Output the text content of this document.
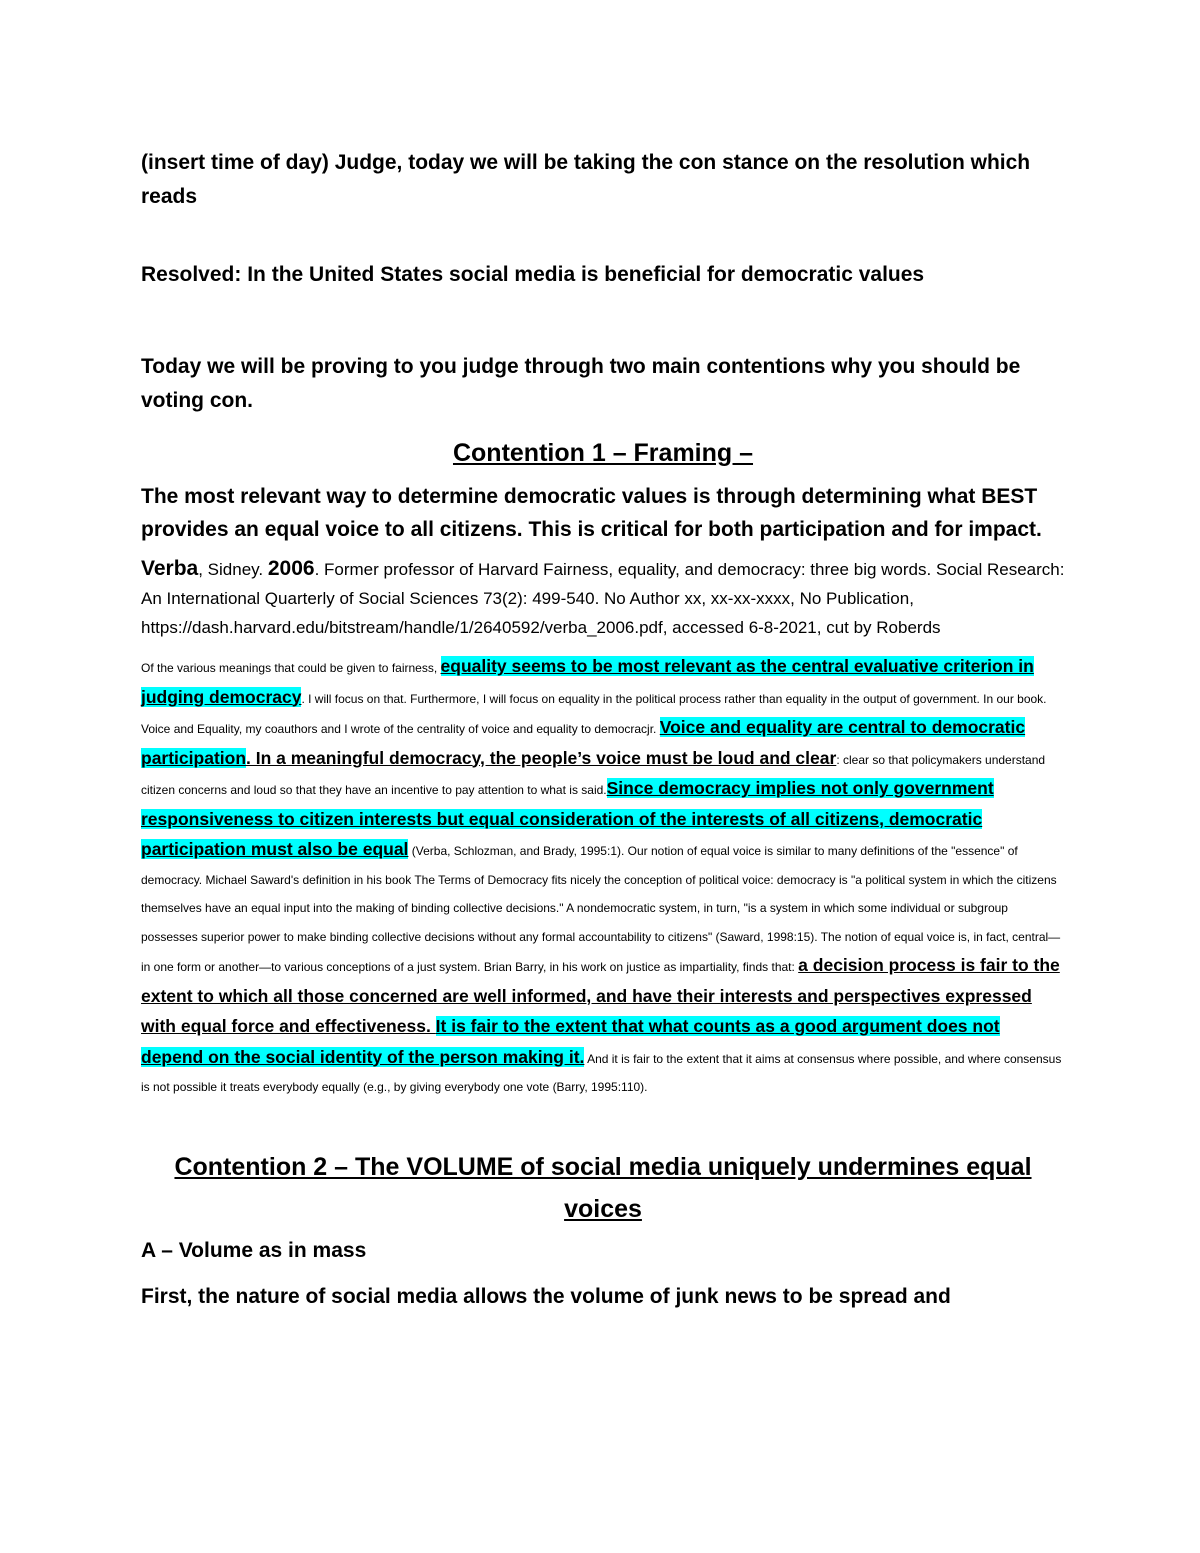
(insert time of day) Judge, today we will be taking the con stance on the resolution which reads

Resolved: In the United States social media is beneficial for democratic values

Today we will be proving to you judge through two main contentions why you should be voting con.

Contention 1 – Framing –

The most relevant way to determine democratic values is through determining what BEST provides an equal voice to all citizens. This is critical for both participation and for impact.

Verba, Sidney. 2006. Former professor of Harvard Fairness, equality, and democracy: three big words. Social Research: An International Quarterly of Social Sciences 73(2): 499-540. No Author xx, xx-xx-xxxx, No Publication, https://dash.harvard.edu/bitstream/handle/1/2640592/verba_2006.pdf, accessed 6-8-2021, cut by Roberds

Of the various meanings that could be given to fairness, equality seems to be most relevant as the central evaluative criterion in judging democracy. I will focus on that. Furthermore, I will focus on equality in the political process rather than equality in the output of government. In our book. Voice and Equality, my coauthors and I wrote of the centrality of voice and equality to democracjr. Voice and equality are central to democratic participation. In a meaningful democracy, the people’s voice must be loud and clear: clear so that policymakers understand citizen concerns and loud so that they have an incentive to pay attention to what is said.Since democracy implies not only government responsiveness to citizen interests but equal consideration of the interests of all citizens, democratic participation must also be equal (Verba, Schlozman, and Brady, 1995:1). Our notion of equal voice is similar to many definitions of the "essence" of democracy. Michael Saward's definition in his book The Terms of Democracy fits nicely the conception of political voice: democracy is "a political system in which the citizens themselves have an equal input into the making of binding collective decisions." A nondemocratic system, in turn, "is a system in which some individual or subgroup possesses superior power to make binding collective decisions without any formal accountability to citizens" (Saward, 1998:15). The notion of equal voice is, in fact, central—in one form or another—to various conceptions of a just system. Brian Barry, in his work on justice as impartiality, finds that: a decision process is fair to the extent to which all those concerned are well informed, and have their interests and perspectives expressed with equal force and effectiveness. It is fair to the extent that what counts as a good argument does not depend on the social identity of the person making it. And it is fair to the extent that it aims at consensus where possible, and where consensus is not possible it treats everybody equally (e.g., by giving everybody one vote (Barry, 1995:110).

Contention 2 – The VOLUME of social media uniquely undermines equal voices

A – Volume as in mass

First, the nature of social media allows the volume of junk news to be spread and
